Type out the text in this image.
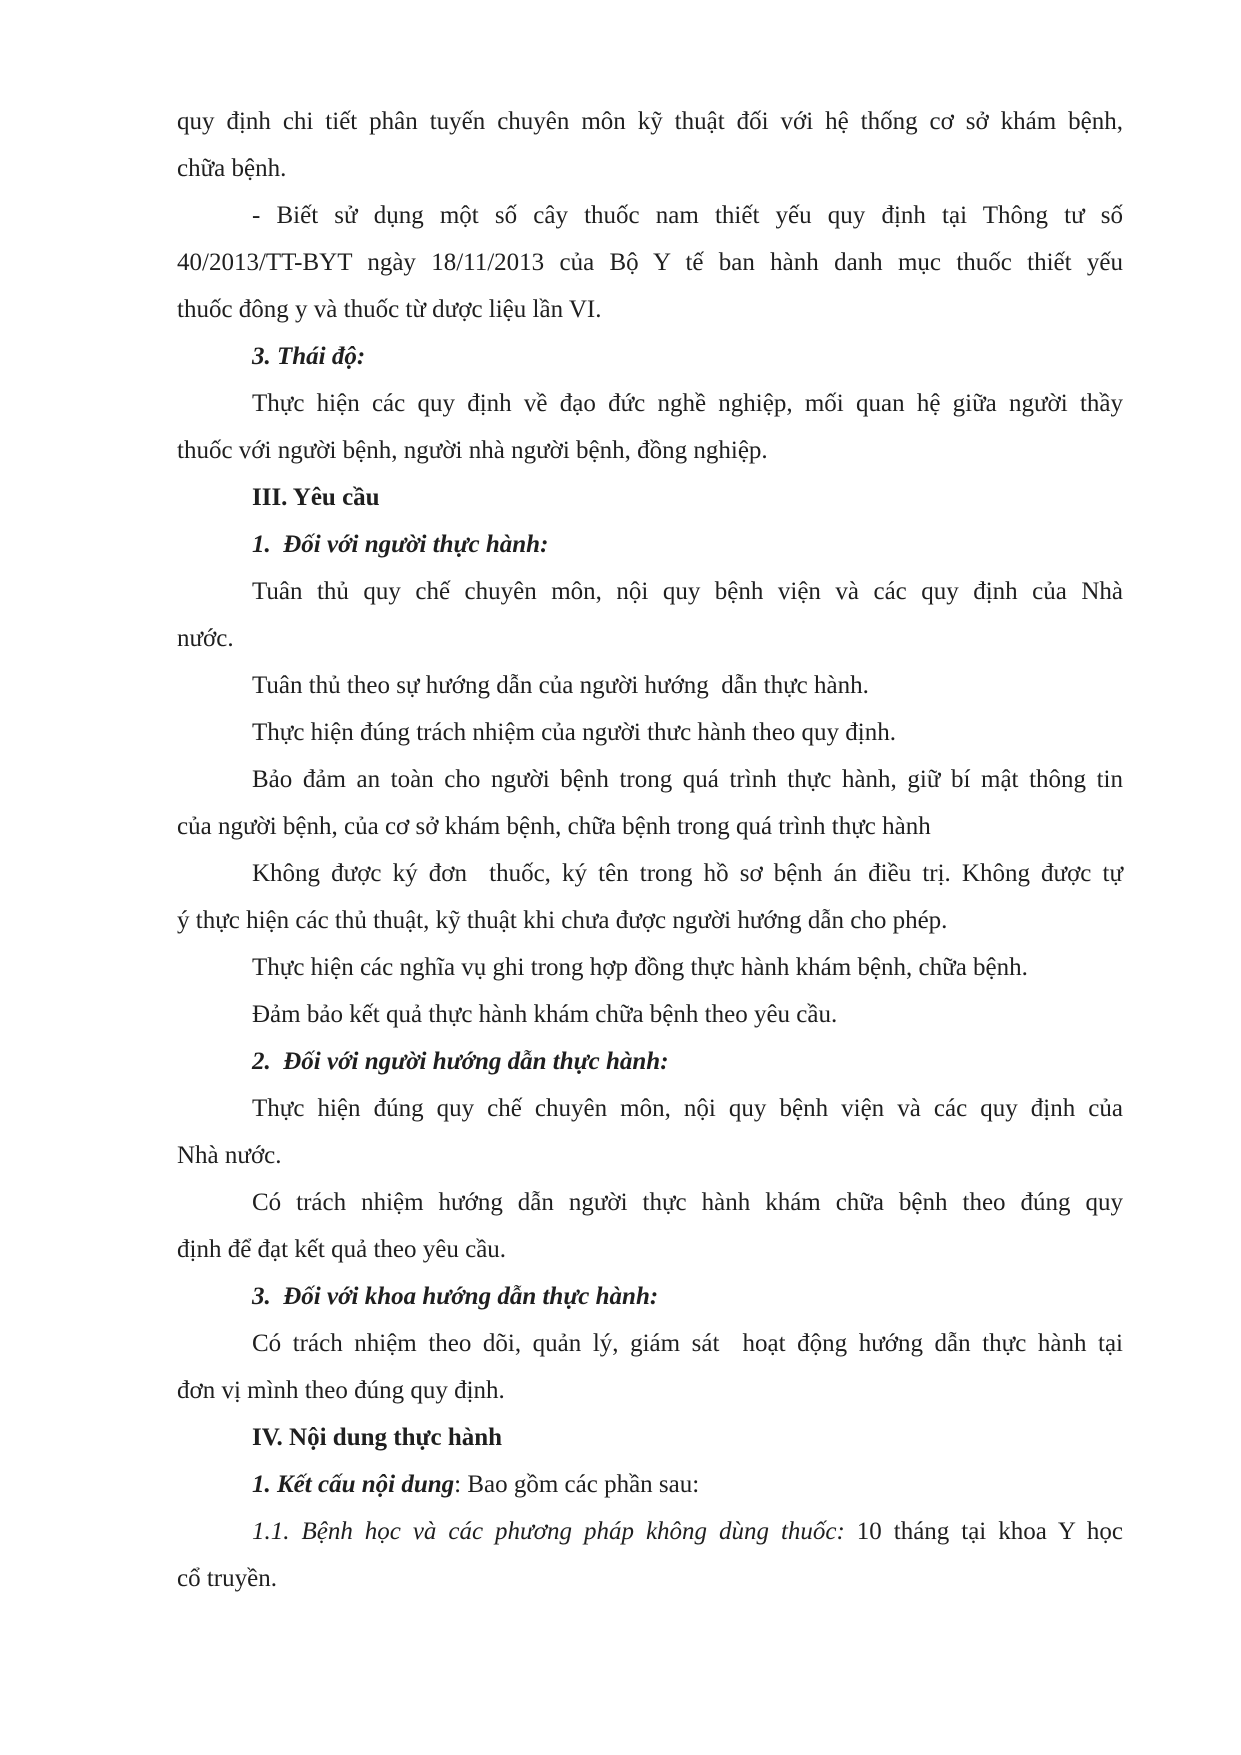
quy định chi tiết phân tuyến chuyên môn kỹ thuật đối với hệ thống cơ sở khám bệnh,
chữa bệnh.
- Biết sử dụng một số cây thuốc nam thiết yếu quy định tại Thông tư số
40/2013/TT-BYT ngày 18/11/2013 của Bộ Y tế ban hành danh mục thuốc thiết yếu
thuốc đông y và thuốc từ dược liệu lần VI.
3. Thái độ:
Thực hiện các quy định về đạo đức nghề nghiệp, mối quan hệ giữa người thầy
thuốc với người bệnh, người nhà người bệnh, đồng nghiệp.
III. Yêu cầu
1.  Đối với người thực hành:
Tuân thủ quy chế chuyên môn, nội quy bệnh viện và các quy định của Nhà
nước.
Tuân thủ theo sự hướng dẫn của người hướng  dẫn thực hành.
Thực hiện đúng trách nhiệm của người thưc hành theo quy định.
Bảo đảm an toàn cho người bệnh trong quá trình thực hành, giữ bí mật thông tin
của người bệnh, của cơ sở khám bệnh, chữa bệnh trong quá trình thực hành
Không được ký đơn  thuốc, ký tên trong hồ sơ bệnh án điều trị. Không được tự
ý thực hiện các thủ thuật, kỹ thuật khi chưa được người hướng dẫn cho phép.
Thực hiện các nghĩa vụ ghi trong hợp đồng thực hành khám bệnh, chữa bệnh.
Đảm bảo kết quả thực hành khám chữa bệnh theo yêu cầu.
2.  Đối với người hướng dẫn thực hành:
Thực hiện đúng quy chế chuyên môn, nội quy bệnh viện và các quy định của
Nhà nước.
Có trách nhiệm hướng dẫn người thực hành khám chữa bệnh theo đúng quy
định để đạt kết quả theo yêu cầu.
3.  Đối với khoa hướng dẫn thực hành:
Có trách nhiệm theo dõi, quản lý, giám sát  hoạt động hướng dẫn thực hành tại
đơn vị mình theo đúng quy định.
IV. Nội dung thực hành
1. Kết cấu nội dung: Bao gồm các phần sau:
1.1. Bệnh học và các phương pháp không dùng thuốc: 10 tháng tại khoa Y học
cổ truyền.
